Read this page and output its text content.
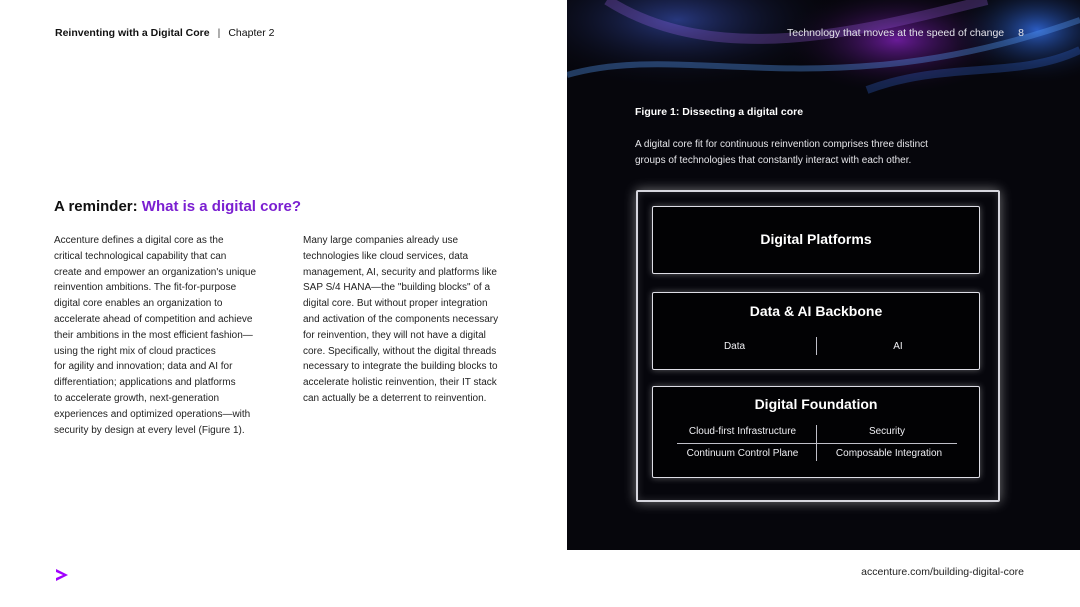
Reinventing with a Digital Core | Chapter 2
A reminder: What is a digital core?
Accenture defines a digital core as the
critical technological capability that can
create and empower an organization's unique
reinvention ambitions. The fit-for-purpose
digital core enables an organization to
accelerate ahead of competition and achieve
their ambitions in the most efficient fashion—
using the right mix of cloud practices
for agility and innovation; data and AI for
differentiation; applications and platforms
to accelerate growth, next-generation
experiences and optimized operations—with
security by design at every level (Figure 1).
Many large companies already use
technologies like cloud services, data
management, AI, security and platforms like
SAP S/4 HANA—the "building blocks" of a
digital core. But without proper integration
and activation of the components necessary
for reinvention, they will not have a digital
core. Specifically, without the digital threads
necessary to integrate the building blocks to
accelerate holistic reinvention, their IT stack
can actually be a deterrent to reinvention.
accenture.com/building-digital-core
Technology that moves at the speed of change 8
Figure 1: Dissecting a digital core
A digital core fit for continuous reinvention comprises three distinct
groups of technologies that constantly interact with each other.
Digital Platforms
Data & AI Backbone
Data	AI
Digital Foundation
Cloud-first Infrastructure	Security
Continuum Control Plane	Composable Integration
